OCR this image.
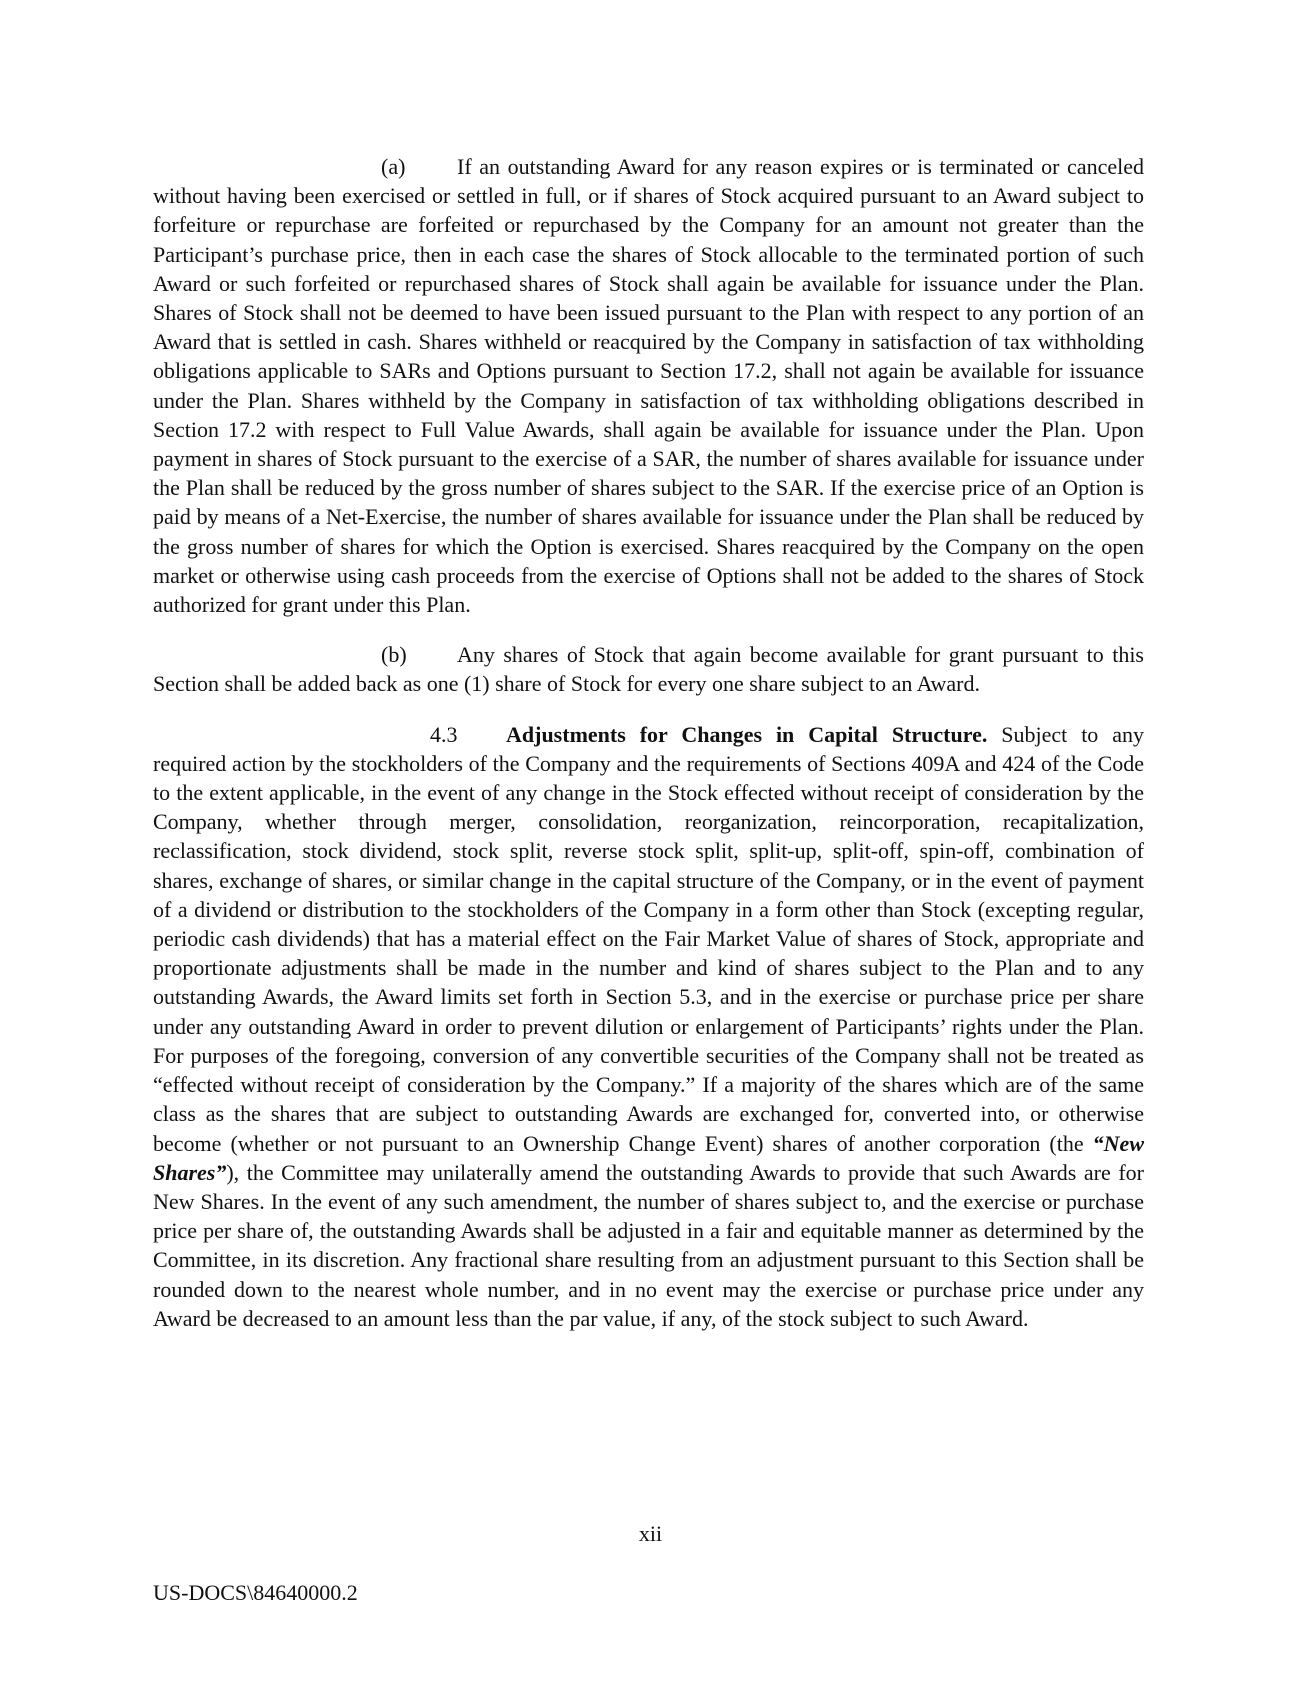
(a) If an outstanding Award for any reason expires or is terminated or canceled without having been exercised or settled in full, or if shares of Stock acquired pursuant to an Award subject to forfeiture or repurchase are forfeited or repurchased by the Company for an amount not greater than the Participant’s purchase price, then in each case the shares of Stock allocable to the terminated portion of such Award or such forfeited or repurchased shares of Stock shall again be available for issuance under the Plan. Shares of Stock shall not be deemed to have been issued pursuant to the Plan with respect to any portion of an Award that is settled in cash. Shares withheld or reacquired by the Company in satisfaction of tax withholding obligations applicable to SARs and Options pursuant to Section 17.2, shall not again be available for issuance under the Plan. Shares withheld by the Company in satisfaction of tax withholding obligations described in Section 17.2 with respect to Full Value Awards, shall again be available for issuance under the Plan. Upon payment in shares of Stock pursuant to the exercise of a SAR, the number of shares available for issuance under the Plan shall be reduced by the gross number of shares subject to the SAR. If the exercise price of an Option is paid by means of a Net-Exercise, the number of shares available for issuance under the Plan shall be reduced by the gross number of shares for which the Option is exercised. Shares reacquired by the Company on the open market or otherwise using cash proceeds from the exercise of Options shall not be added to the shares of Stock authorized for grant under this Plan.

(b) Any shares of Stock that again become available for grant pursuant to this Section shall be added back as one (1) share of Stock for every one share subject to an Award.

4.3 Adjustments for Changes in Capital Structure. Subject to any required action by the stockholders of the Company and the requirements of Sections 409A and 424 of the Code to the extent applicable, in the event of any change in the Stock effected without receipt of consideration by the Company, whether through merger, consolidation, reorganization, reincorporation, recapitalization, reclassification, stock dividend, stock split, reverse stock split, split-up, split-off, spin-off, combination of shares, exchange of shares, or similar change in the capital structure of the Company, or in the event of payment of a dividend or distribution to the stockholders of the Company in a form other than Stock (excepting regular, periodic cash dividends) that has a material effect on the Fair Market Value of shares of Stock, appropriate and proportionate adjustments shall be made in the number and kind of shares subject to the Plan and to any outstanding Awards, the Award limits set forth in Section 5.3, and in the exercise or purchase price per share under any outstanding Award in order to prevent dilution or enlargement of Participants’ rights under the Plan. For purposes of the foregoing, conversion of any convertible securities of the Company shall not be treated as “effected without receipt of consideration by the Company.” If a majority of the shares which are of the same class as the shares that are subject to outstanding Awards are exchanged for, converted into, or otherwise become (whether or not pursuant to an Ownership Change Event) shares of another corporation (the “New Shares”), the Committee may unilaterally amend the outstanding Awards to provide that such Awards are for New Shares. In the event of any such amendment, the number of shares subject to, and the exercise or purchase price per share of, the outstanding Awards shall be adjusted in a fair and equitable manner as determined by the Committee, in its discretion. Any fractional share resulting from an adjustment pursuant to this Section shall be rounded down to the nearest whole number, and in no event may the exercise or purchase price under any Award be decreased to an amount less than the par value, if any, of the stock subject to such Award.

xii
US-DOCS\84640000.2
